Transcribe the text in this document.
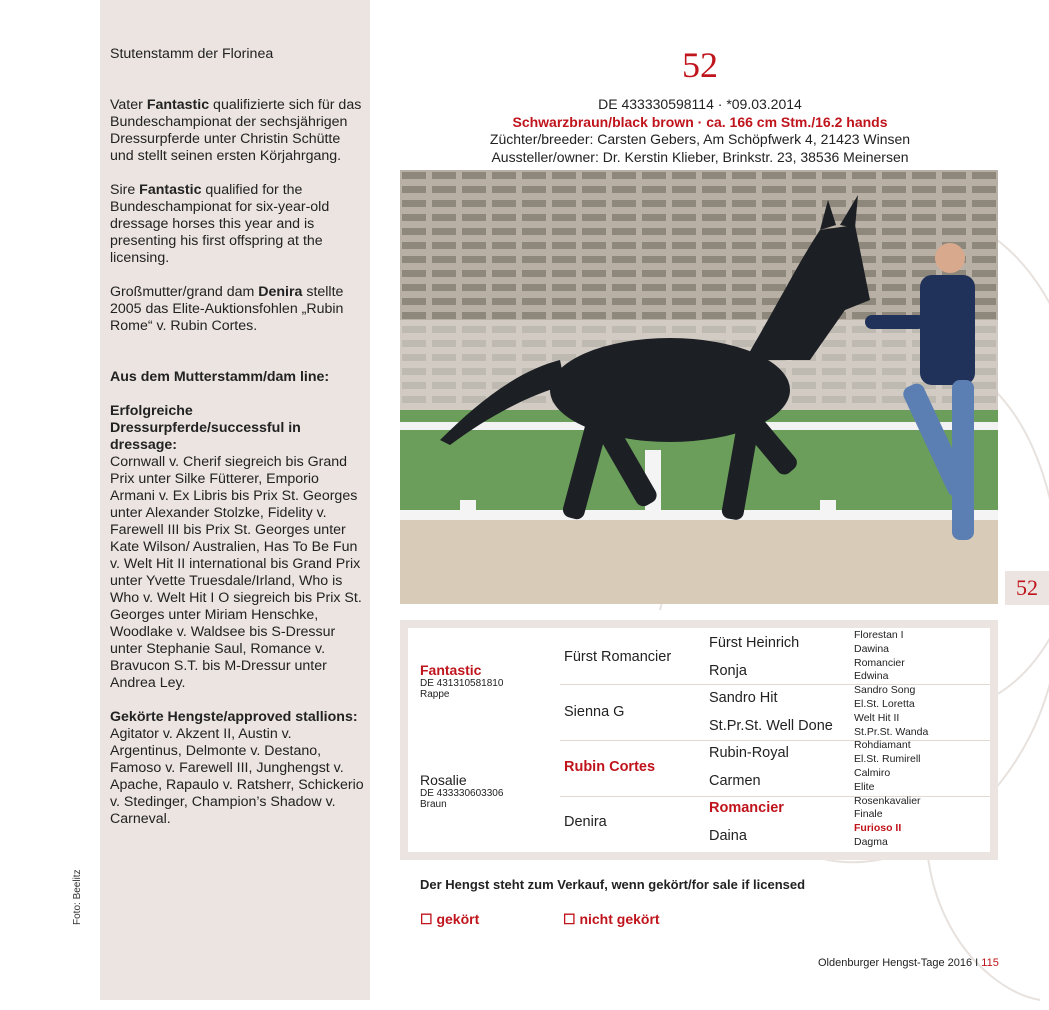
Stutenstamm der Florinea

Vater Fantastic qualifizierte sich für das Bundeschampionat der sechsjährigen Dressurpferde unter Christin Schütte und stellt seinen ersten Körjahrgang.

Sire Fantastic qualified for the Bundeschampionat for six-year-old dressage horses this year and is presenting his first offspring at the licensing.

Großmutter/grand dam Denira stellte 2005 das Elite-Auktionsfohlen „Rubin Rome“ v. Rubin Cortes.

Aus dem Mutterstamm/dam line:

Erfolgreiche Dressurpferde/successful in dressage:

Cornwall v. Cherif siegreich bis Grand Prix unter Silke Fütterer, Emporio Armani v. Ex Libris bis Prix St. Georges unter Alexander Stolzke, Fidelity v. Farewell III bis Prix St. Georges unter Kate Wilson/ Australien, Has To Be Fun v. Welt Hit II international bis Grand Prix unter Yvette Truesdale/Irland, Who is Who v. Welt Hit I O siegreich bis Prix St. Georges unter Miriam Henschke, Woodlake v. Waldsee bis S-Dressur unter Stephanie Saul, Romance v. Bravucon S.T. bis M-Dressur unter Andrea Ley.

Gekörte Hengste/approved stallions:

Agitator v. Akzent II, Austin v. Argentinus, Delmonte v. Destano, Famoso v. Farewell III, Junghengst v. Apache, Rapaulo v. Ratsherr, Schickerio v. Stedinger, Champion’s Shadow v. Carneval.

Foto: Beelitz
52
DE 433330598114 · *09.03.2014
Schwarzbraun/black brown · ca. 166 cm Stm./16.2 hands
Züchter/breeder: Carsten Gebers, Am Schöpfwerk 4, 21423 Winsen
Aussteller/owner: Dr. Kerstin Klieber, Brinkstr. 23, 38536 Meinersen
52
Fantastic
DE 431310581810
Rappe
Rosalie
DE 433330603306
Braun
Fürst Romancier
Sienna G
Rubin Cortes
Denira
Fürst Heinrich
Ronja
Sandro Hit
St.Pr.St. Well Done
Rubin-Royal
Carmen
Romancier
Daina
Florestan I
Dawina
Romancier
Edwina
Sandro Song
El.St. Loretta
Welt Hit II
St.Pr.St. Wanda
Rohdiamant
El.St. Rumirell
Calmiro
Elite
Rosenkavalier
Finale
Furioso II
Dagma
Der Hengst steht zum Verkauf, wenn gekört/for sale if licensed
☐ gekört	☐ nicht gekört
Oldenburger Hengst-Tage 2016 I 115
